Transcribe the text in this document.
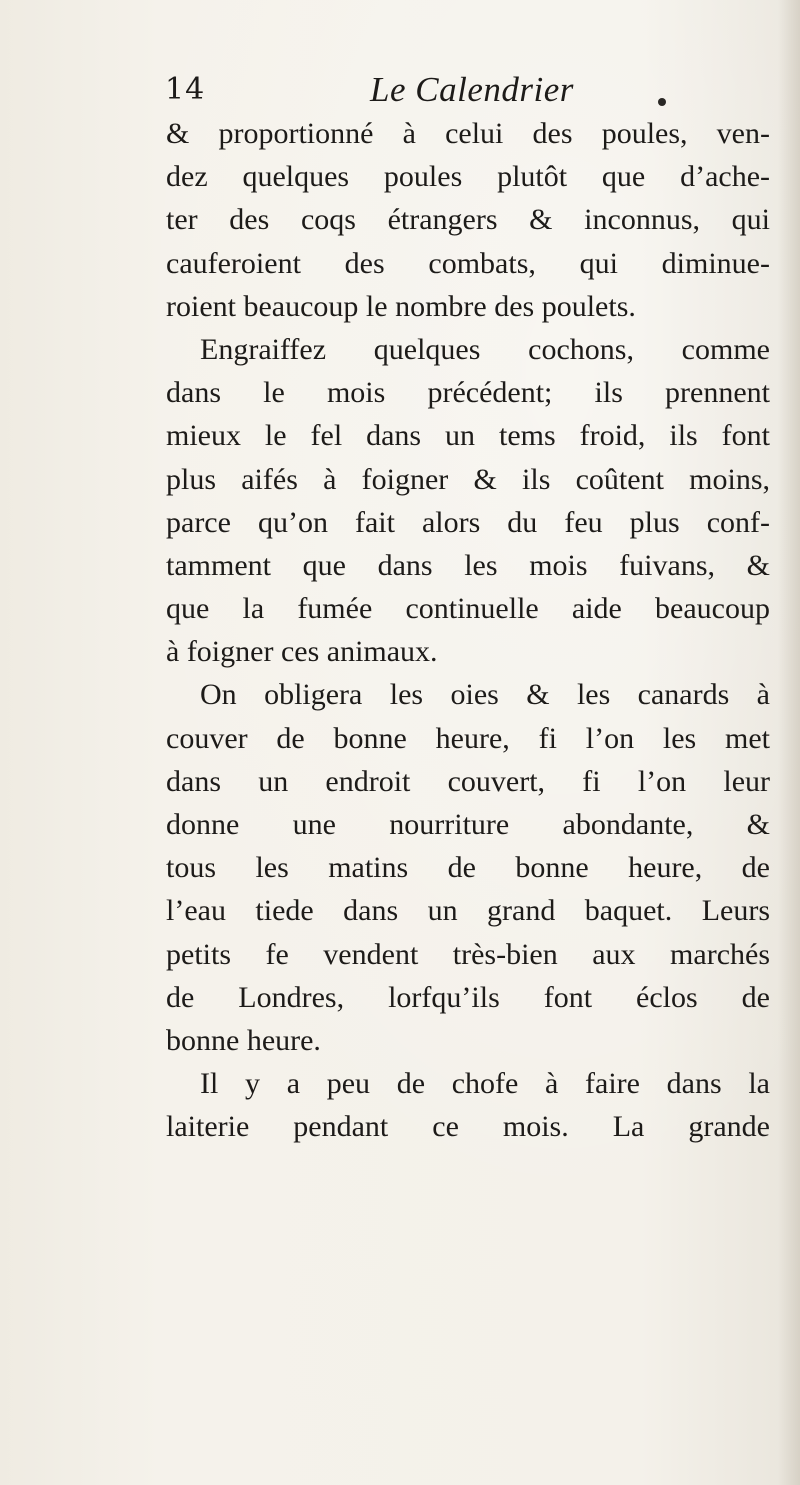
14	Le Calendrier
& proportionné à celui des poules, ven-
dez quelques poules plutôt que d’ache-
ter des coqs étrangers & inconnus, qui
cauferoient des combats, qui diminue-
roient beaucoup le nombre des poulets.
Engraiffez quelques cochons, comme
dans le mois précédent; ils prennent
mieux le fel dans un tems froid, ils font
plus aifés à foigner & ils coûtent moins,
parce qu’on fait alors du feu plus conf-
tamment que dans les mois fuivans, &
que la fumée continuelle aide beaucoup
à foigner ces animaux.
On obligera les oies & les canards à
couver de bonne heure, fi l’on les met
dans un endroit couvert, fi l’on leur
donne une nourriture abondante, &
tous les matins de bonne heure, de
l’eau tiede dans un grand baquet. Leurs
petits fe vendent très-bien aux marchés
de Londres, lorfqu’ils font éclos de
bonne heure.
Il y a peu de chofe à faire dans la
laiterie pendant ce mois. La grande
